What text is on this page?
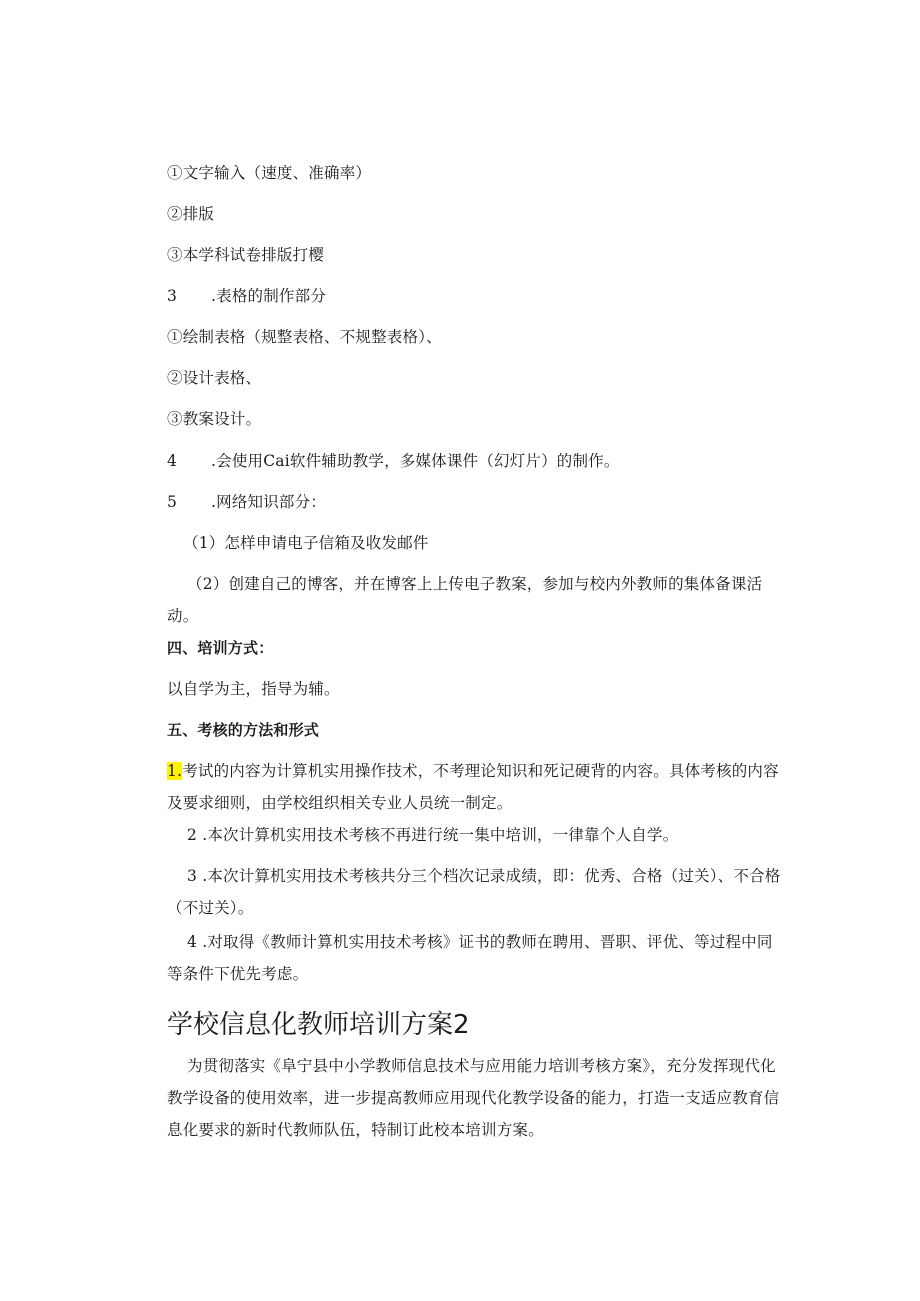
①文字输入（速度、准确率）
②排版
③本学科试卷排版打樱
3 .表格的制作部分
①绘制表格（规整表格、不规整表格）、
②设计表格、
③教案设计。
4 .会使用Cai软件辅助教学，多媒体课件（幻灯片）的制作。
5 .网络知识部分：
（1）怎样申请电子信箱及收发邮件
（2）创建自己的博客，并在博客上上传电子教案，参加与校内外教师的集体备课活动。
四、培训方式：
以自学为主，指导为辅。
五、考核的方法和形式
1.考试的内容为计算机实用操作技术，不考理论知识和死记硬背的内容。具体考核的内容及要求细则，由学校组织相关专业人员统一制定。
2 .本次计算机实用技术考核不再进行统一集中培训，一律靠个人自学。
3 .本次计算机实用技术考核共分三个档次记录成绩，即：优秀、合格（过关）、不合格（不过关）。
4 .对取得《教师计算机实用技术考核》证书的教师在聘用、晋职、评优、等过程中同等条件下优先考虑。
学校信息化教师培训方案2
为贯彻落实《阜宁县中小学教师信息技术与应用能力培训考核方案》，充分发挥现代化教学设备的使用效率，进一步提高教师应用现代化教学设备的能力，打造一支适应教育信息化要求的新时代教师队伍，特制订此校本培训方案。
